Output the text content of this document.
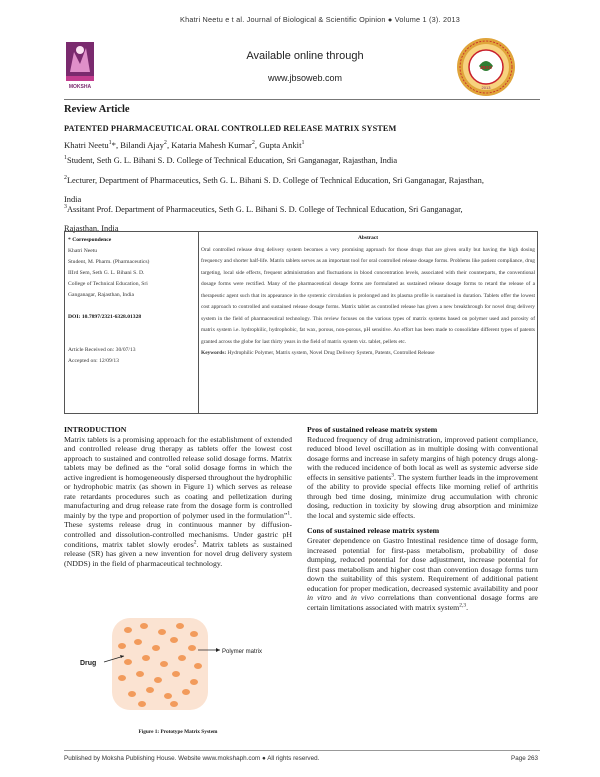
Khatri Neetu e t al. Journal of Biological & Scientific Opinion ● Volume 1 (3). 2013
MOKSHA
Available online through
www.jbsoweb.com
JBSO
2013
Review Article
PATENTED PHARMACEUTICAL ORAL CONTROLLED RELEASE MATRIX SYSTEM
Khatri Neetu$^1$*, Bilandi Ajay$^2$, Kataria Mahesh Kumar$^2$, Gupta Ankit$^1$
$^1$Student, Seth G. L. Bihani S. D. College of Technical Education, Sri Ganganagar, Rajasthan, India
$^2$Lecturer, Department of Pharmaceutics, Seth G. L. Bihani S. D. College of Technical Education, Sri Ganganagar, Rajasthan,
India
$^3$Assitant Prof. Department of Pharmaceutics, Seth G. L. Bihani S. D. College of Technical Education, Sri Ganganagar,
Rajasthan, India
* Correspondence
Khatri Neetu
Student, M. Pharm. (Pharmaceutics)
IIIrd Sem, Seth G. L. Bihani S. D.
College of Technical Education, Sri
Ganganagar, Rajasthan, India
DOI: 10.7897/2321-6328.01328
Article Received on: 30/07/13
Accepted on: 12/09/13
Abstract
Oral controlled release drug delivery system becomes a very promising approach for those drugs that are given orally but having the high dosing frequency and shorter half-life. Matrix tablets serves as an important tool for oral controlled release dosage forms. Problems like patient compliance, drug targeting, local side effects, frequent administration and fluctuations in blood concentration levels, associated with their counterparts, the conventional dosage forms were rectified. Many of the pharmaceutical dosage forms are formulated as sustained release dosage forms to retard the release of a therapeutic agent such that its appearance in the systemic circulation is prolonged and its plasma profile is sustained in duration. Tablets offer the lowest cost approach to controlled and sustained release dosage forms. Matrix tablet as controlled release has given a new breakthrough for novel drug delivery system in the field of pharmaceutical technology. This review focuses on the various types of matrix systems based on polymer used and porosity of matrix system i.e. hydrophilic, hydrophobic, fat wax, porous, non-porous, pH sensitive. An effort has been made to consolidate different types of patents granted across the globe for last thirty years in the field of matrix system viz. tablet, pellets etc.
Keywords: Hydrophilic Polymer, Matrix system, Novel Drug Delivery System, Patents, Controlled Release
INTRODUCTION
Matrix tablets is a promising approach for the establishment of extended and controlled release drug therapy as tablets offer the lowest cost approach to sustained and controlled release solid dosage forms. Matrix tablets may be defined as the “oral solid dosage forms in which the active ingredient is homogeneously dispersed throughout the hydrophilic or hydrophobic matrix (as shown in Figure 1) which serves as release rate retardants procedures such as coating and pelletization during manufacturing and drug release rate from the dosage form is controlled mainly by the type and proportion of polymer used in the formulation”$^1$. These systems release drug in continuous manner by diffusion-controlled and dissolution-controlled mechanisms. Under gastric pH conditions, matrix tablet slowly erodes$^2$. Matrix tablets as sustained release (SR) has given a new invention for novel drug delivery system (NDDS) in the field of pharmaceutical technology.
Drug
Polymer matrix
Figure 1: Prototype Matrix System
Pros of sustained release matrix system
Reduced frequency of drug administration, improved patient compliance, reduced blood level oscillation as in multiple dosing with conventional dosage forms and increase in safety margins of high potency drugs along-with the reduced incidence of both local as well as systemic adverse side effects in sensitive patients$^3$. The system further leads in the improvement of the ability to provide special effects like morning relief of arthritis through bed time dosing, minimize drug accumulation with chronic dosing, reduction in toxicity by slowing drug absorption and minimize the local and systemic side effects.
Cons of sustained release matrix system
Greater dependence on Gastro Intestinal residence time of dosage form, increased potential for first-pass metabolism, probability of dose dumping, reduced potential for dose adjustment, increase potential for first pass metabolism and higher cost than convention dosage forms turn down the suitability of this system. Requirement of additional patient education for proper medication, decreased systemic availability and poor in vitro and in vivo correlations than conventional dosage forms are certain limitations associated with matrix system$^{2,3}$.
Published by Moksha Publishing House. Website www.mokshaph.com ● All rights reserved.	Page 263
